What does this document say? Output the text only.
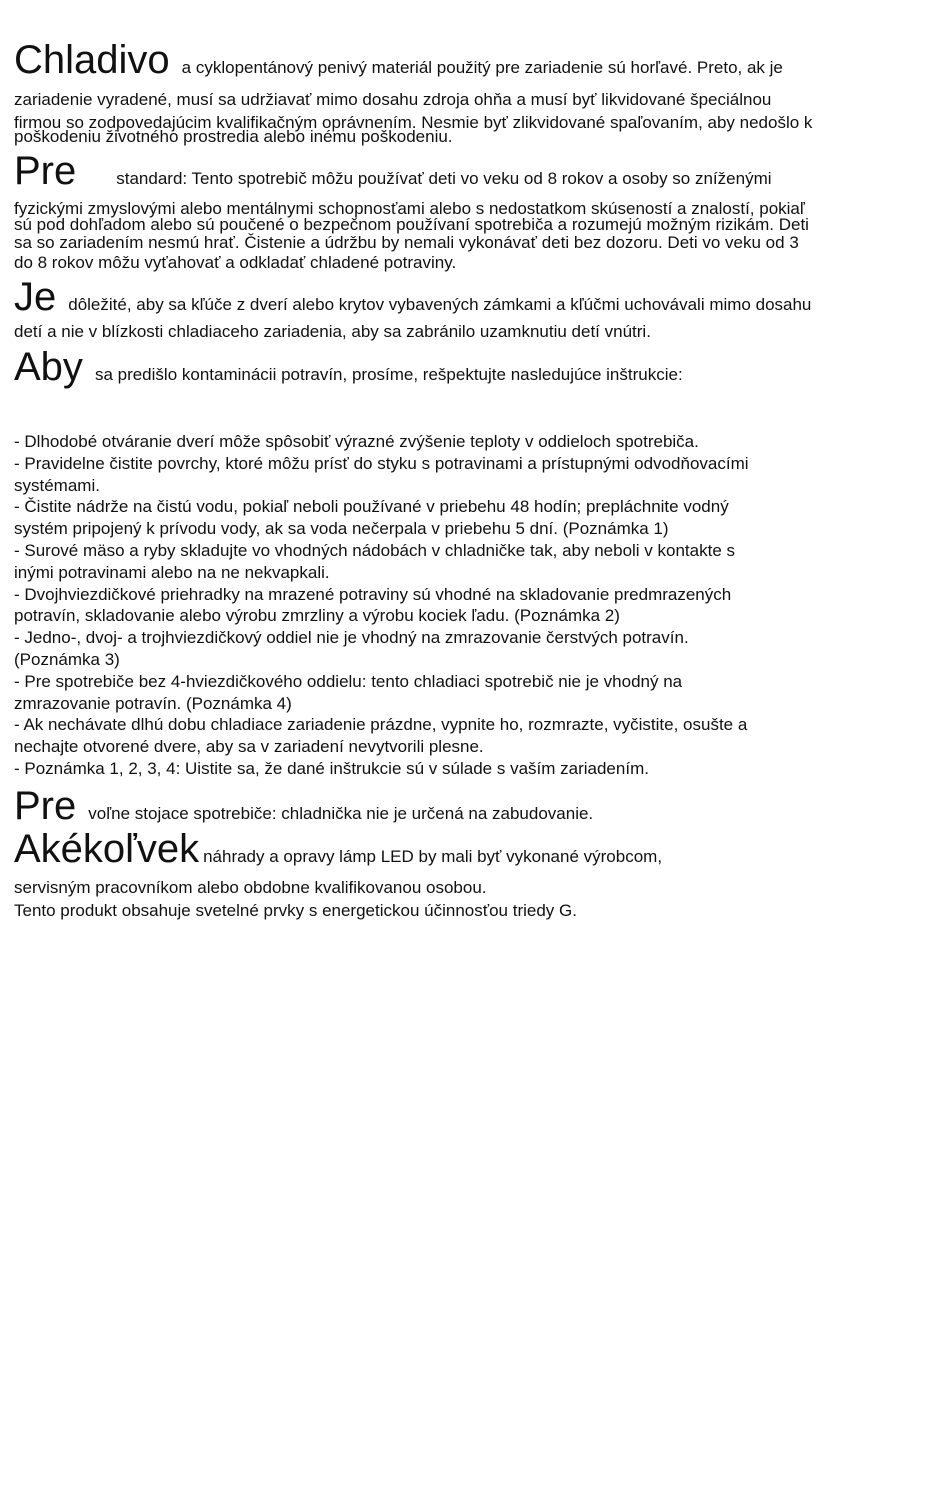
Chladivo a cyklopentánový penivý materiál použitý pre zariadenie sú horľavé. Preto, ak je

zariadenie vyradené, musí sa udržiavať mimo dosahu zdroja ohňa a musí byť likvidované špeciálnou

firmou so zodpovedajúcim kvalifikačným oprávnením. Nesmie byť zlikvidované spaľovaním, aby nedošlo k

poškodeniu životného prostredia alebo inému poškodeniu.

Pre standard: Tento spotrebič môžu používať deti vo veku od 8 rokov a osoby so zníženými

fyzickými zmyslovými alebo mentálnymi schopnosťami alebo s nedostatkom skúseností a znalostí, pokiaľ

sú pod dohľadom alebo sú poučené o bezpečnom používaní spotrebiča a rozumejú možným rizikám. Deti

sa so zariadením nesmú hrať. Čistenie a údržbu by nemali vykonávať deti bez dozoru. Deti vo veku od 3

do 8 rokov môžu vyťahovať a odkladať chladené potraviny.

Je dôležité, aby sa kľúče z dverí alebo krytov vybavených zámkami a kľúčmi uchovávali mimo dosahu

detí a nie v blízkosti chladiaceho zariadenia, aby sa zabránilo uzamknutiu detí vnútri.

Aby sa predišlo kontaminácii potravín, prosíme, rešpektujte nasledujúce inštrukcie:

- Dlhodobé otváranie dverí môže spôsobiť výrazné zvýšenie teploty v oddieloch spotrebiča.

- Pravidelne čistite povrchy, ktoré môžu prísť do styku s potravinami a prístupnými odvodňovacími

systémami.

- Čistite nádrže na čistú vodu, pokiaľ neboli používané v priebehu 48 hodín; prepláchnite vodný

systém pripojený k prívodu vody, ak sa voda nečerpala v priebehu 5 dní. (Poznámka 1)

- Surové mäso a ryby skladujte vo vhodných nádobách v chladničke tak, aby neboli v kontakte s

inými potravinami alebo na ne nekvapkali.

- Dvojhviezdičkové priehradky na mrazené potraviny sú vhodné na skladovanie predmrazených

potravín, skladovanie alebo výrobu zmrzliny a výrobu kociek ľadu. (Poznámka 2)

- Jedno-, dvoj- a trojhviezdičkový oddiel nie je vhodný na zmrazovanie čerstvých potravín.

(Poznámka 3)

- Pre spotrebiče bez 4-hviezdičkového oddielu: tento chladiaci spotrebič nie je vhodný na

zmrazovanie potravín. (Poznámka 4)

- Ak nechávate dlhú dobu chladiace zariadenie prázdne, vypnite ho, rozmrazte, vyčistite, osušte a

nechajte otvorené dvere, aby sa v zariadení nevytvorili plesne.

- Poznámka 1, 2, 3, 4: Uistite sa, že dané inštrukcie sú v súlade s vaším zariadením.

Pre voľne stojace spotrebiče: chladnička nie je určená na zabudovanie.
Akékoľvek náhrady a opravy lámp LED by mali byť vykonané výrobcom,

servisným pracovníkom alebo obdobne kvalifikovanou osobou.

Tento produkt obsahuje svetelné prvky s energetickou účinnosťou triedy G.
